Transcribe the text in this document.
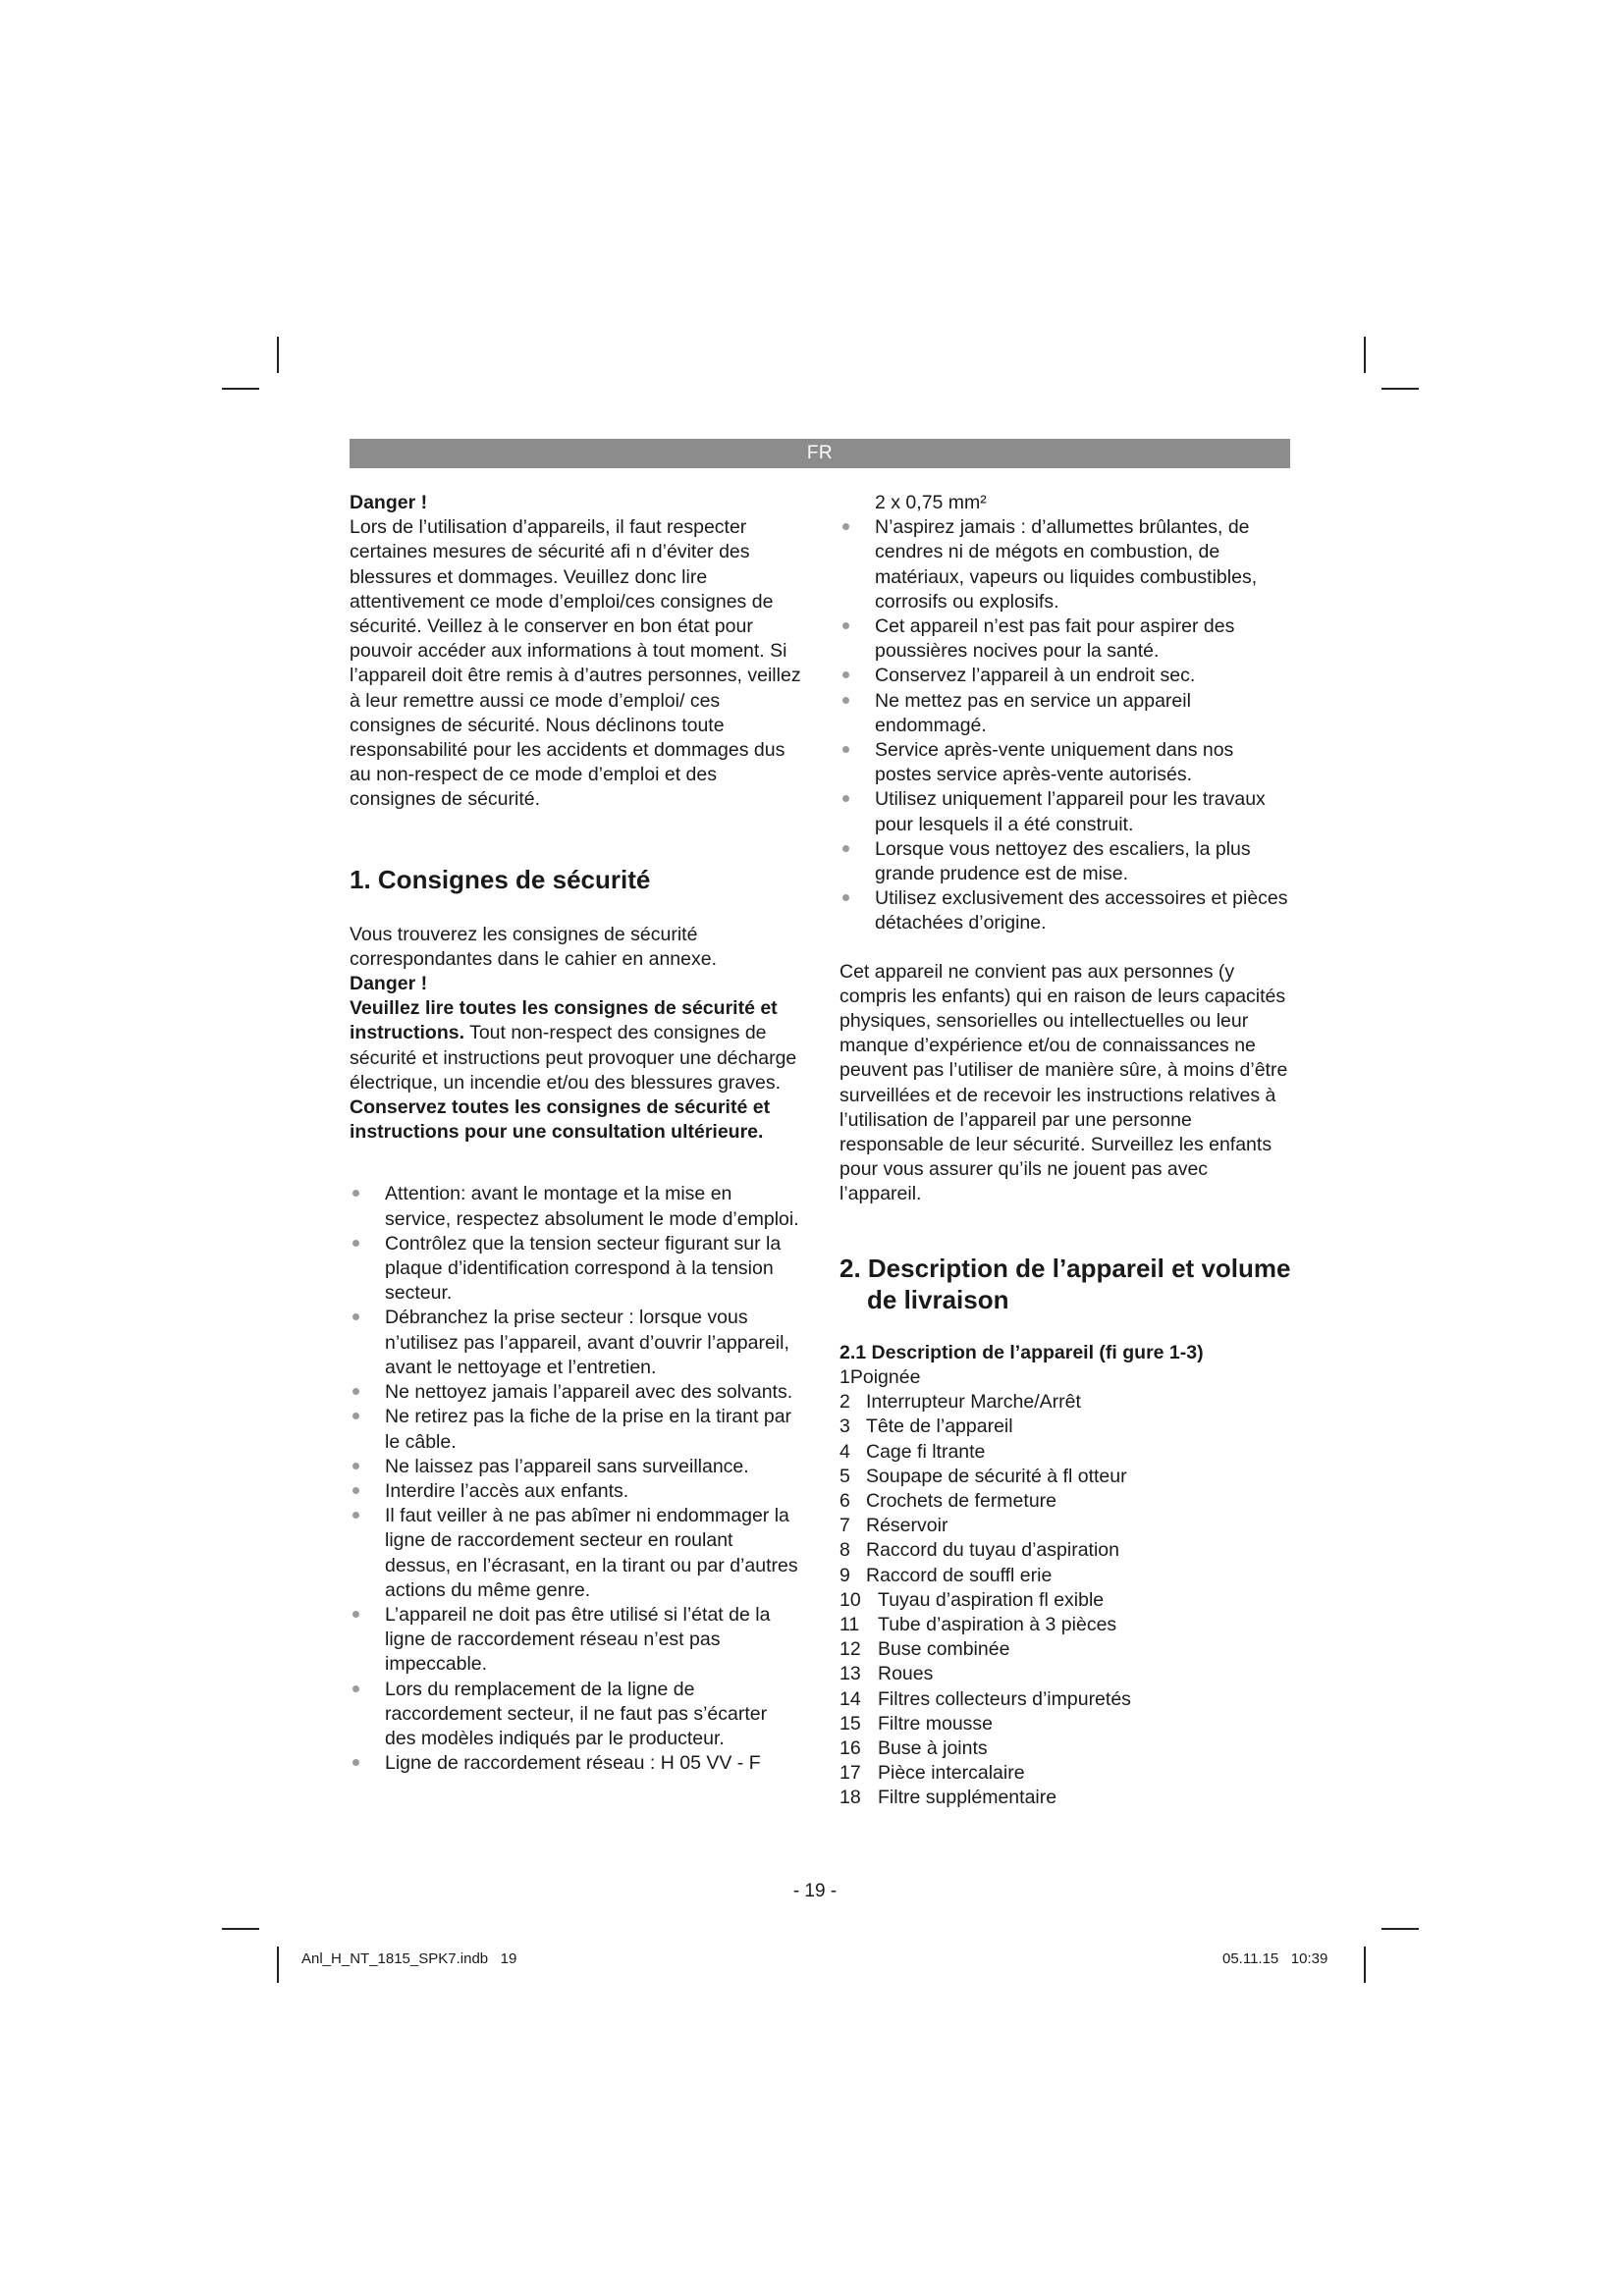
FR

Danger !

Lors de l’utilisation d’appareils, il faut respecter certaines mesures de sécurité afi n d’éviter des blessures et dommages. Veuillez donc lire attentivement ce mode d’emploi/ces consignes de sécurité. Veillez à le conserver en bon état pour pouvoir accéder aux informations à tout moment. Si l’appareil doit être remis à d’autres personnes, veillez à leur remettre aussi ce mode d’emploi/ ces consignes de sécurité. Nous déclinons toute responsabilité pour les accidents et dommages dus au non-respect de ce mode d’emploi et des consignes de sécurité.

1. Consignes de sécurité

Vous trouverez les consignes de sécurité correspondantes dans le cahier en annexe.

Danger !

Veuillez lire toutes les consignes de sécurité et instructions. Tout non-respect des consignes de sécurité et instructions peut provoquer une décharge électrique, un incendie et/ou des blessures graves.

Conservez toutes les consignes de sécurité et instructions pour une consultation ultérieure.

Attention: avant le montage et la mise en service, respectez absolument le mode d’emploi.
Contrôlez que la tension secteur figurant sur la plaque d’identification correspond à la tension secteur.
Débranchez la prise secteur : lorsque vous n’utilisez pas l’appareil, avant d’ouvrir l’appareil, avant le nettoyage et l’entretien.
Ne nettoyez jamais l’appareil avec des solvants.
Ne retirez pas la fiche de la prise en la tirant par le câble.
Ne laissez pas l’appareil sans surveillance.
Interdire l’accès aux enfants.
Il faut veiller à ne pas abîmer ni endommager la ligne de raccordement secteur en roulant dessus, en l’écrasant, en la tirant ou par d’autres actions du même genre.
L’appareil ne doit pas être utilisé si l’état de la ligne de raccordement réseau n’est pas impeccable.
Lors du remplacement de la ligne de raccordement secteur, il ne faut pas s’écarter des modèles indiqués par le producteur.
Ligne de raccordement réseau : H 05 VV - F

2 x 0,75 mm²

N’aspirez jamais : d’allumettes brûlantes, de cendres ni de mégots en combustion, de matériaux, vapeurs ou liquides combustibles, corrosifs ou explosifs.
Cet appareil n’est pas fait pour aspirer des poussières nocives pour la santé.
Conservez l’appareil à un endroit sec.
Ne mettez pas en service un appareil endommagé.
Service après-vente uniquement dans nos postes service après-vente autorisés.
Utilisez uniquement l’appareil pour les travaux pour lesquels il a été construit.
Lorsque vous nettoyez des escaliers, la plus grande prudence est de mise.
Utilisez exclusivement des accessoires et pièces détachées d’origine.

Cet appareil ne convient pas aux personnes (y compris les enfants) qui en raison de leurs capacités physiques, sensorielles ou intellectuelles ou leur manque d’expérience et/ou de connaissances ne peuvent pas l’utiliser de manière sûre, à moins d’être surveillées et de recevoir les instructions relatives à l’utilisation de l’appareil par une personne responsable de leur sécurité. Surveillez les enfants pour vous assurer qu’ils ne jouent pas avec l’appareil.

2. Description de l’appareil et volume de livraison
2.1 Description de l’appareil (fi gure 1-3)
1 Poignée
2 Interrupteur Marche/Arrêt
3 Tête de l’appareil
4 Cage fi ltrante
5 Soupape de sécurité à fl otteur
6 Crochets de fermeture
7 Réservoir
8 Raccord du tuyau d’aspiration
9 Raccord de souffl erie
10 Tuyau d’aspiration fl exible
11 Tube d’aspiration à 3 pièces
12 Buse combinée
13 Roues
14 Filtres collecteurs d’impuretés
15 Filtre mousse
16 Buse à joints
17 Pièce intercalaire
18 Filtre supplémentaire
- 19 -
Anl_H_NT_1815_SPK7.indb   19	05.11.15   10:39
